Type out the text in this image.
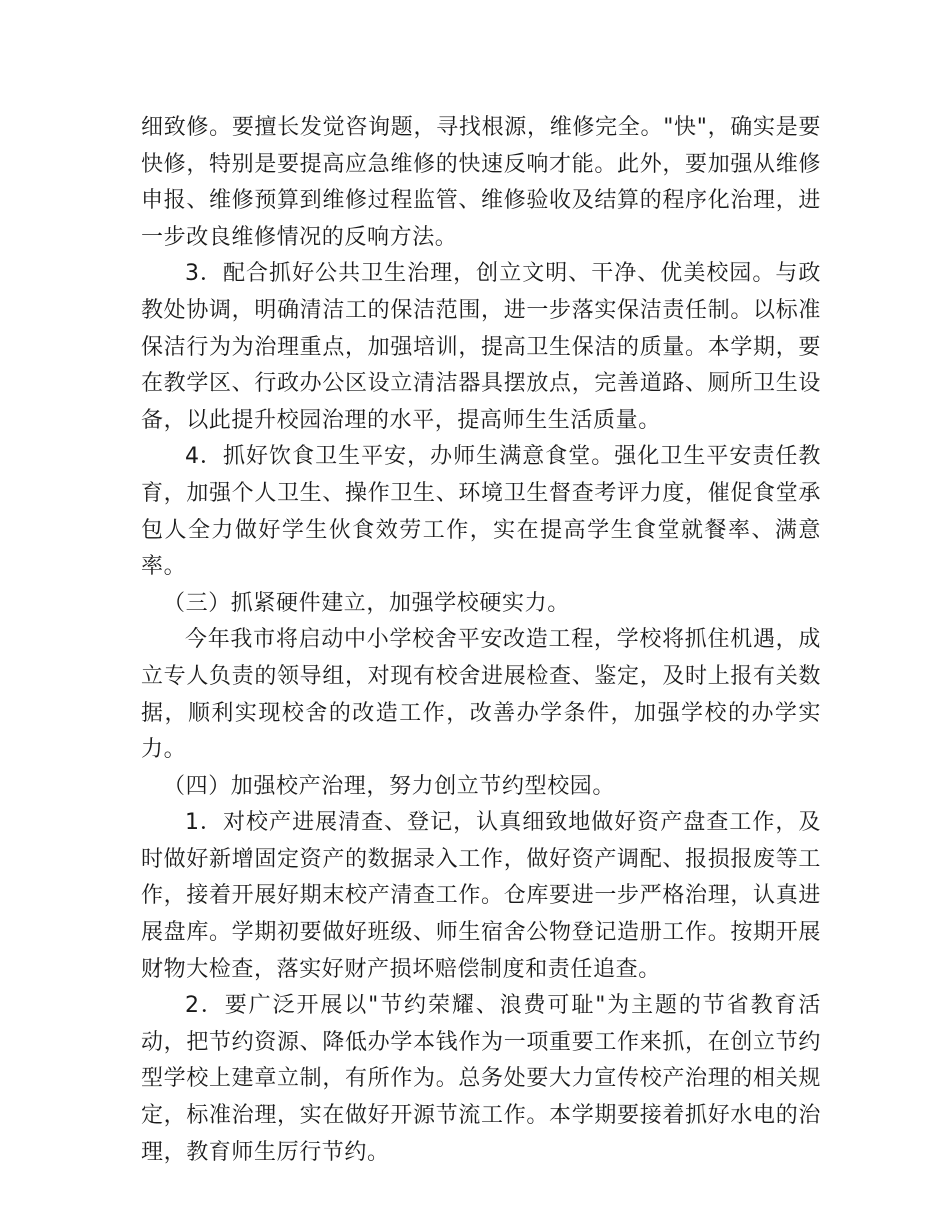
细致修。要擅长发觉咨询题，寻找根源，维修完全。"快"，确实是要快修，特别是要提高应急维修的快速反响才能。此外，要加强从维修申报、维修预算到维修过程监管、维修验收及结算的程序化治理，进一步改良维修情况的反响方法。

3．配合抓好公共卫生治理，创立文明、干净、优美校园。与政教处协调，明确清洁工的保洁范围，进一步落实保洁责任制。以标准保洁行为为治理重点，加强培训，提高卫生保洁的质量。本学期，要在教学区、行政办公区设立清洁器具摆放点，完善道路、厕所卫生设备，以此提升校园治理的水平，提高师生生活质量。

4．抓好饮食卫生平安，办师生满意食堂。强化卫生平安责任教育，加强个人卫生、操作卫生、环境卫生督查考评力度，催促食堂承包人全力做好学生伙食效劳工作，实在提高学生食堂就餐率、满意率。

（三）抓紧硬件建立，加强学校硬实力。

今年我市将启动中小学校舍平安改造工程，学校将抓住机遇，成立专人负责的领导组，对现有校舍进展检查、鉴定，及时上报有关数据，顺利实现校舍的改造工作，改善办学条件，加强学校的办学实力。

（四）加强校产治理，努力创立节约型校园。

1．对校产进展清查、登记，认真细致地做好资产盘查工作，及时做好新增固定资产的数据录入工作，做好资产调配、报损报废等工作，接着开展好期末校产清查工作。仓库要进一步严格治理，认真进展盘库。学期初要做好班级、师生宿舍公物登记造册工作。按期开展财物大检查，落实好财产损坏赔偿制度和责任追查。

2．要广泛开展以"节约荣耀、浪费可耻"为主题的节省教育活动，把节约资源、降低办学本钱作为一项重要工作来抓，在创立节约型学校上建章立制，有所作为。总务处要大力宣传校产治理的相关规定，标准治理，实在做好开源节流工作。本学期要接着抓好水电的治理，教育师生厉行节约。
